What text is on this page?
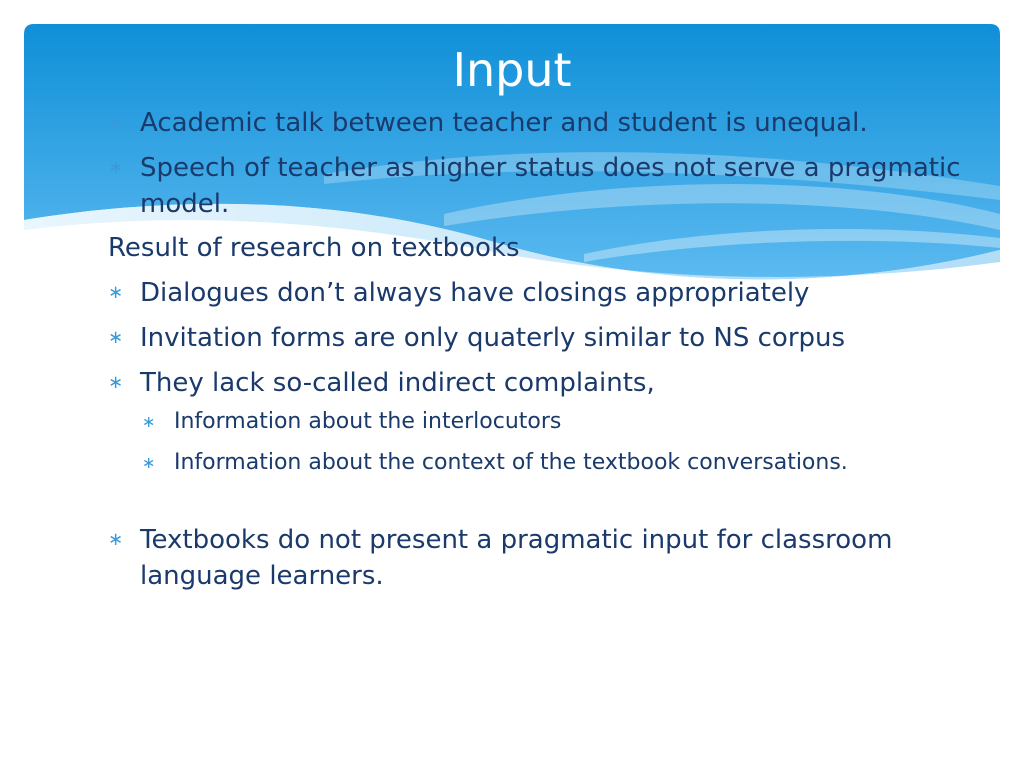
Input
∗ Academic talk between teacher and student is unequal.
∗ Speech of teacher as higher status does not serve a pragmatic model.
Result of research on textbooks
∗ Dialogues don’t always have closings appropriately
∗ Invitation forms are only quaterly similar to NS corpus
∗ They lack so-called indirect complaints,
∗ Information about the interlocutors
∗ Information about the context of the textbook conversations.
∗ Textbooks do not present a pragmatic input for classroom language learners.
